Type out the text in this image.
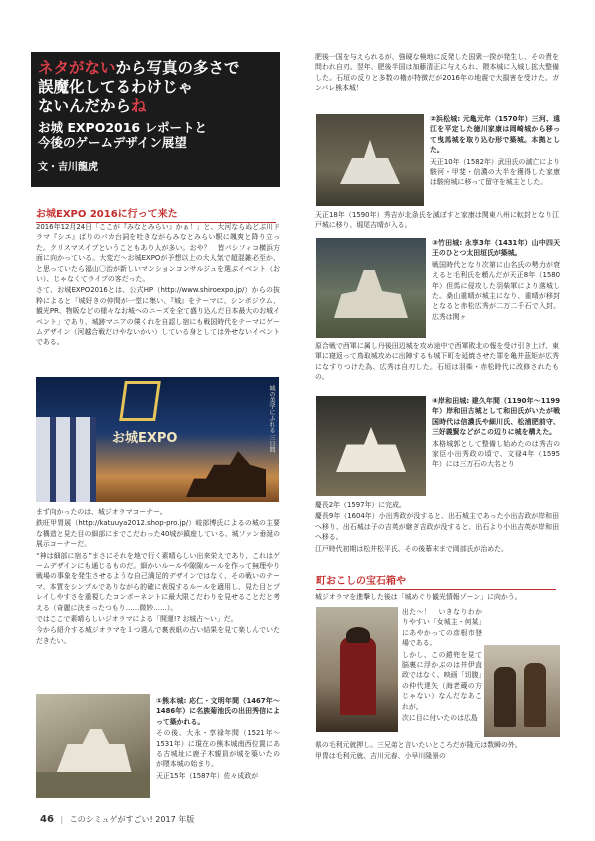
ネタがないから写真の多さで
誤魔化してるわけじゃ
ないんだからね
お城 EXPO2016 レポートと
今後のゲームデザイン展望
文・吉川龍虎
お城EXPO 2016に行って来た

2016年12月24日「ここが『みなとみらい』かぁ！」と、大河ならぬどぶ川ドラマ『シエ』ぱりのバカ台詞を吐きながらみなとみらい駅に颯爽と降り立った。クリスマスイブということもあり人が多い。おや？　皆パシフィコ横浜方面に向かっている。大変だ～お城EXPOが予想以上の大人気で超混雑必至か、と思っていたら福山〇治が新しいマンションコンサルジュを選ぶイベント（おい）、じゃなくてライブの客だった。

さて、お城EXPO2016とは、公式HP（http://www.shiroexpo.jp/）からの抜粋によると「城好きの仲間が一堂に集い、『城』をテーマに、シンポジウム、観光PR、物販などの様々なお城へのニーズを全て盛り込んだ日本最大のお城イベント」であり、城跡マニアの僕くれを自認し宿にも戦国時代をテーマにゲームデザイン（河越合戦だけやないかい）している身としては外せないイベントである。

お城EXPO	城の美学にふれる 三日間

まず向かったのは、城ジオラマコーナー。

鉄旺甲胃展（http://katuuya2012.shop-pro.jp/）岐部博氏によるの城の主要な構造と見た目の細部にまでこだわった40城が鎮座している、城ファン垂涎の展示コーナーだ。

“神は細部に宿る”まさにそれを地で行く素晴らしい出来栄えであり、これはゲームデザインにも通じるものだ。細かいルールや隙隙ルールを作って無理やり戦場の事象を発生させるような自己満足的デザインではなく、その戦いのテーマ、本質をシンプルでありながら的確に表現するルールを適用し、見た目とプレイしやすさを重視したコンポーネントに最大限こだわりを見せることだと考える（奇麗に決まったつもり……微妙……）。

ではここで素晴らしいジオラマによる「開運!? お城占～い」だ。

今から紹介する城ジオラマを１つ選んで裏表紙の占い結果を見て楽しんでいただきたい。

①熊本城: 応仁・文明年間（1467年～1486年）に名族菊池氏の出田秀信によって築かれる。

その後、大永・享禄年間（1521年～1531年）に現在の熊本城南西位置にある古城址に鹿子木親員が城を築いたのが隈本城の始まり。

天正15年（1587年）佐々成政が

肥後一国を与えられるが、強硬な検地に反発した国衆一揆が発生し、その責を問われ自刃。翌年、肥後半国は加藤清正に与えられ、隈本城に入城し拡大整備した。石垣の反りと多数の櫓が特徴だが2016年の地震で大損害を受けた。ガンバレ熊本城！

②浜松城: 元亀元年（1570年）三河、遠江を平定した徳川家康は岡崎城から移って曳馬城を取り込む形で築城。本拠とした。

天正10年（1582年）武田氏の滅亡により駿河・甲斐・信濃の大半を獲得した家康は駿府城に移って留守を城主とした。

天正18年（1590年）秀吉が北条氏を滅ぼすと家康は関東八州に転封となり江戸城に移り、堀尾吉晴が入る。

③竹田城: 永享3年（1431年）山中四天王のひとつ太田垣氏が築城。

戦国時代となり次第に山名氏の勢力が衰えると毛利氏を頼んだが天正8年（1580年）但馬に侵攻した羽柴軍により落城した。桑山重晴が城主になり、重晴が移封となると赤松広秀が二万二千石で入封。広秀は関ヶ

原合戦で西軍に属し丹後田辺城を攻め途中で西軍敗北の報を受け引き上げ、東軍に寝返って鳥取城攻めに出陣するも城下町を延焼させた罪を亀井茲矩が広秀になすりつけた為、広秀は自刃した。石垣は羽柴・赤松時代に改修されたもの。

④岸和田城: 建久年間（1190年～1199年）岸和田古城として和田氏がいたが戦国時代は信濃氏や細川氏、松浦肥前守、三好義賢などがこの辺りに城を構えた。

本格城郭として整備し始めたのは秀吉の家臣小出秀政の頃で、文禄4年（1595年）には三万石の大名とり

慶長2年（1597年）に完成。

慶長9年（1604年）小出秀政が没すると、出石城主であった小出吉政が岸和田へ移り、出石城は子の吉英が継ぎ吉政が没すると、出石より小出吉英が岸和田へ移る。

江戸時代初期は松井松平氏、その後幕末まで岡部氏が治めた。

町おこしの宝石箱や

城ジオラマを進撃した後は「城めぐり観光情報ゾーン」に向かう。

出た～！　いきなりわかりやすい「女城主・何某」にあやかっての彦根市登場である。

しかし、この鎧兜を見て脳裏に浮かぶのは井伊直政ではなく、映画「切腹」の仲代達矢（海老蔵の方じゃない）なんだなあこれが。

次に目に付いたのは広島

県の毛利元就押し。三兄弟と言いたいところだが隆元は数瞬の外。

甲冑は毛利元就、吉川元春、小早川隆景の

46 | このシミュゲがすごい! 2017 年版
